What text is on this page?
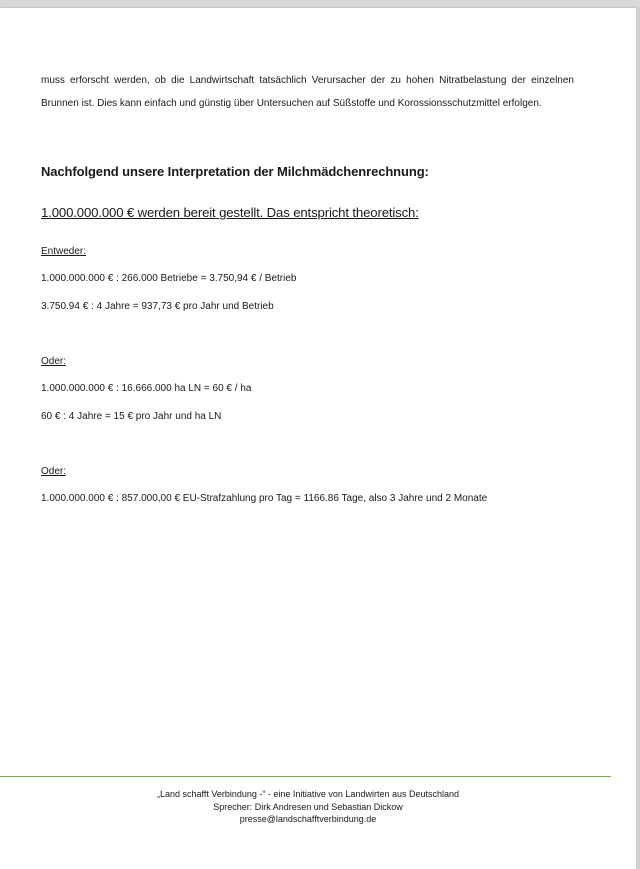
muss erforscht werden, ob die Landwirtschaft tatsächlich Verursacher der zu hohen Nitratbelastung der einzelnen Brunnen ist. Dies kann einfach und günstig über Untersuchen auf Süßstoffe und Korossionsschutzmittel erfolgen.

Nachfolgend unsere Interpretation der Milchmädchenrechnung:
1.000.000.000 € werden bereit gestellt. Das entspricht theoretisch:
Entweder:
1.000.000.000 € : 266.000 Betriebe = 3.750,94 € / Betrieb
3.750.94 € : 4 Jahre = 937,73 € pro Jahr und Betrieb
Oder:
1.000.000.000 € : 16.666.000 ha LN = 60 € / ha
60 € : 4 Jahre = 15 € pro Jahr und ha LN
Oder:
1.000.000.000 € : 857.000,00 € EU-Strafzahlung pro Tag = 1166.86 Tage, also 3 Jahre und 2 Monate
„Land schafft Verbindung -“ - eine Initiative von Landwirten aus Deutschland
Sprecher: Dirk Andresen und Sebastian Dickow
presse@landschafftverbindung.de
